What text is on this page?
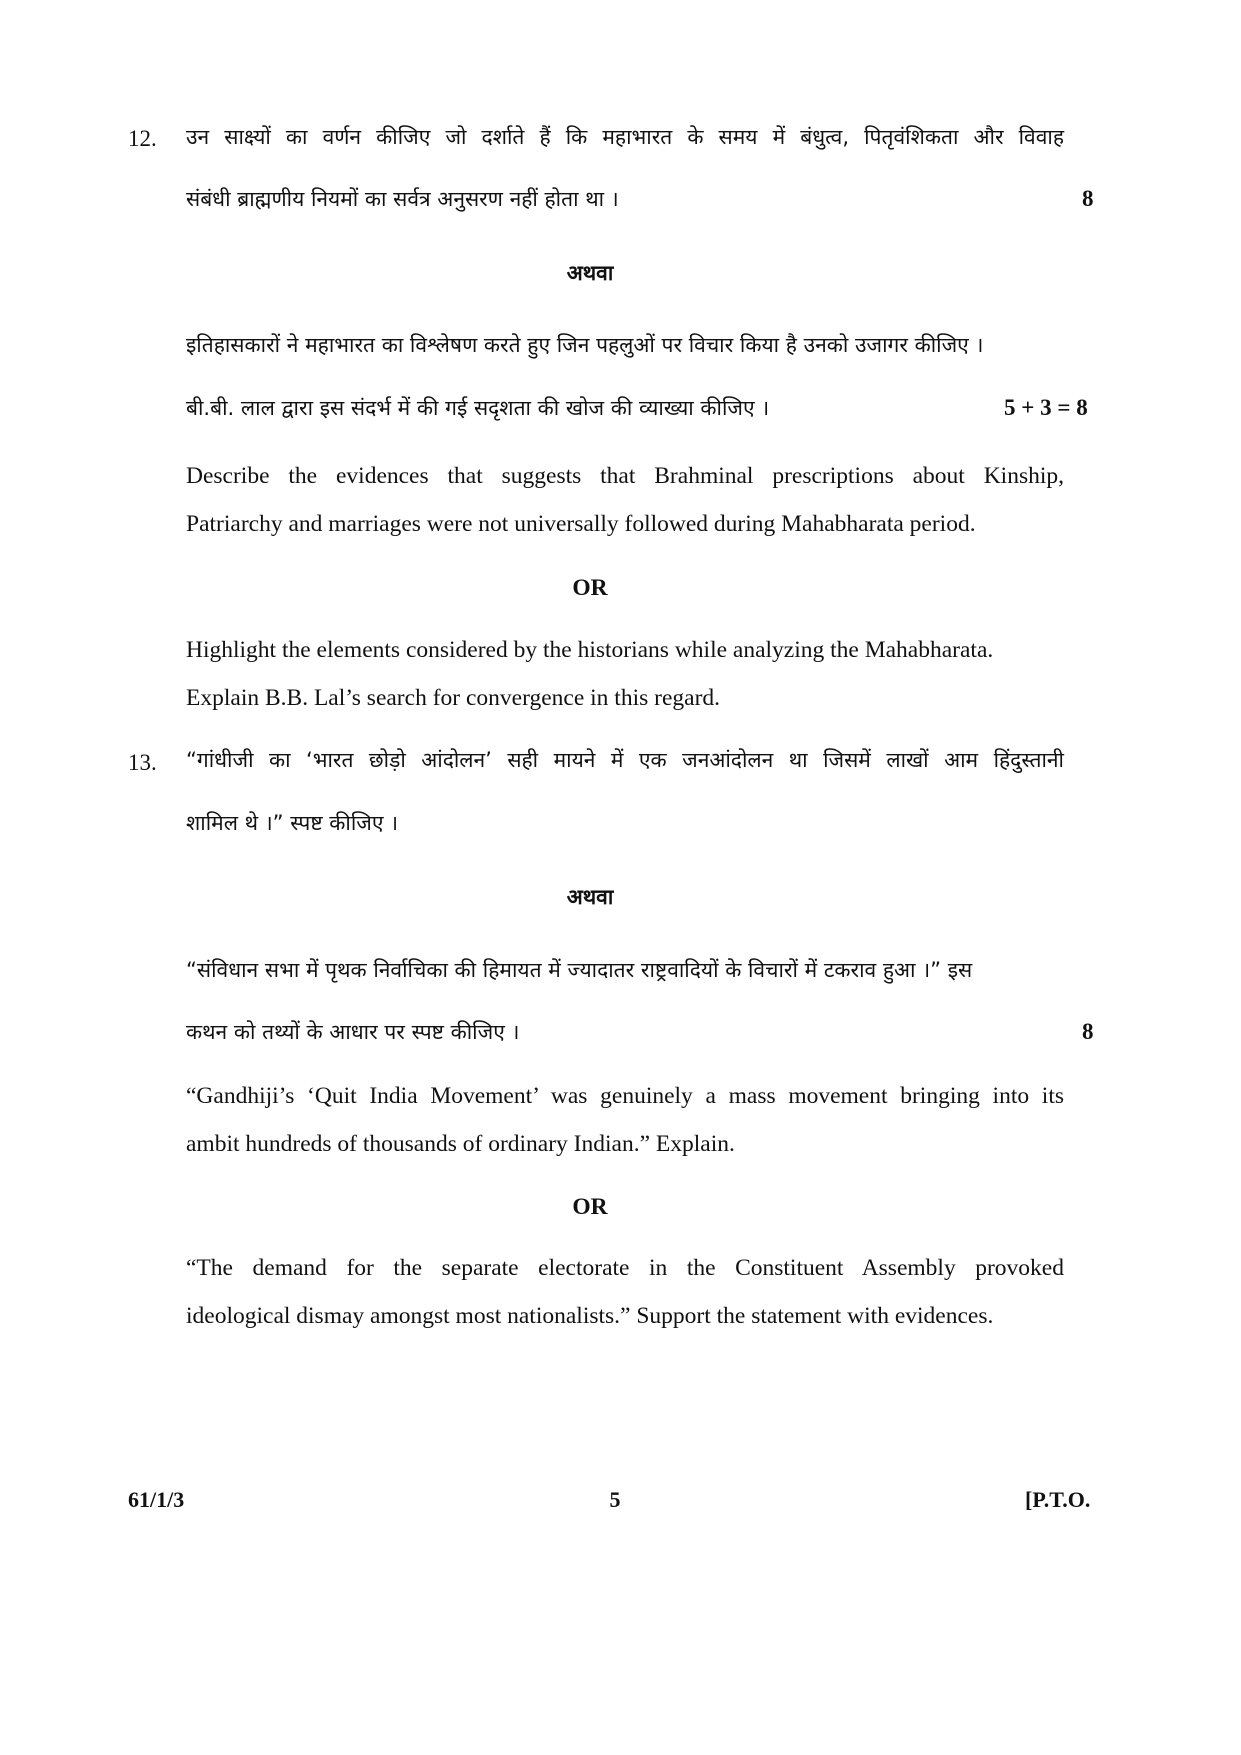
12. उन साक्ष्यों का वर्णन कीजिए जो दर्शाते हैं कि महाभारत के समय में बंधुत्व, पितृवंशिकता और विवाह
संबंधी ब्राह्मणीय नियमों का सर्वत्र अनुसरण नहीं होता था ।	8
अथवा
इतिहासकारों ने महाभारत का विश्लेषण करते हुए जिन पहलुओं पर विचार किया है उनको उजागर कीजिए ।
बी.बी. लाल द्वारा इस संदर्भ में की गई सदृशता की खोज की व्याख्या कीजिए ।	5 + 3 = 8
Describe the evidences that suggests that Brahminal prescriptions about Kinship,
Patriarchy and marriages were not universally followed during Mahabharata period.
OR
Highlight the elements considered by the historians while analyzing the Mahabharata.
Explain B.B. Lal’s search for convergence in this regard.
13. “गांधीजी का ‘भारत छोड़ो आंदोलन’ सही मायने में एक जनआंदोलन था जिसमें लाखों आम हिंदुस्तानी
शामिल थे ।” स्पष्ट कीजिए ।
अथवा
“संविधान सभा में पृथक निर्वाचिका की हिमायत में ज्यादातर राष्ट्रवादियों के विचारों में टकराव हुआ ।” इस
कथन को तथ्यों के आधार पर स्पष्ट कीजिए ।	8
“Gandhiji’s ‘Quit India Movement’ was genuinely a mass movement bringing into its
ambit hundreds of thousands of ordinary Indian.” Explain.
OR
“The demand for the separate electorate in the Constituent Assembly provoked
ideological dismay amongst most nationalists.” Support the statement with evidences.
61/1/3	5	[P.T.O.
